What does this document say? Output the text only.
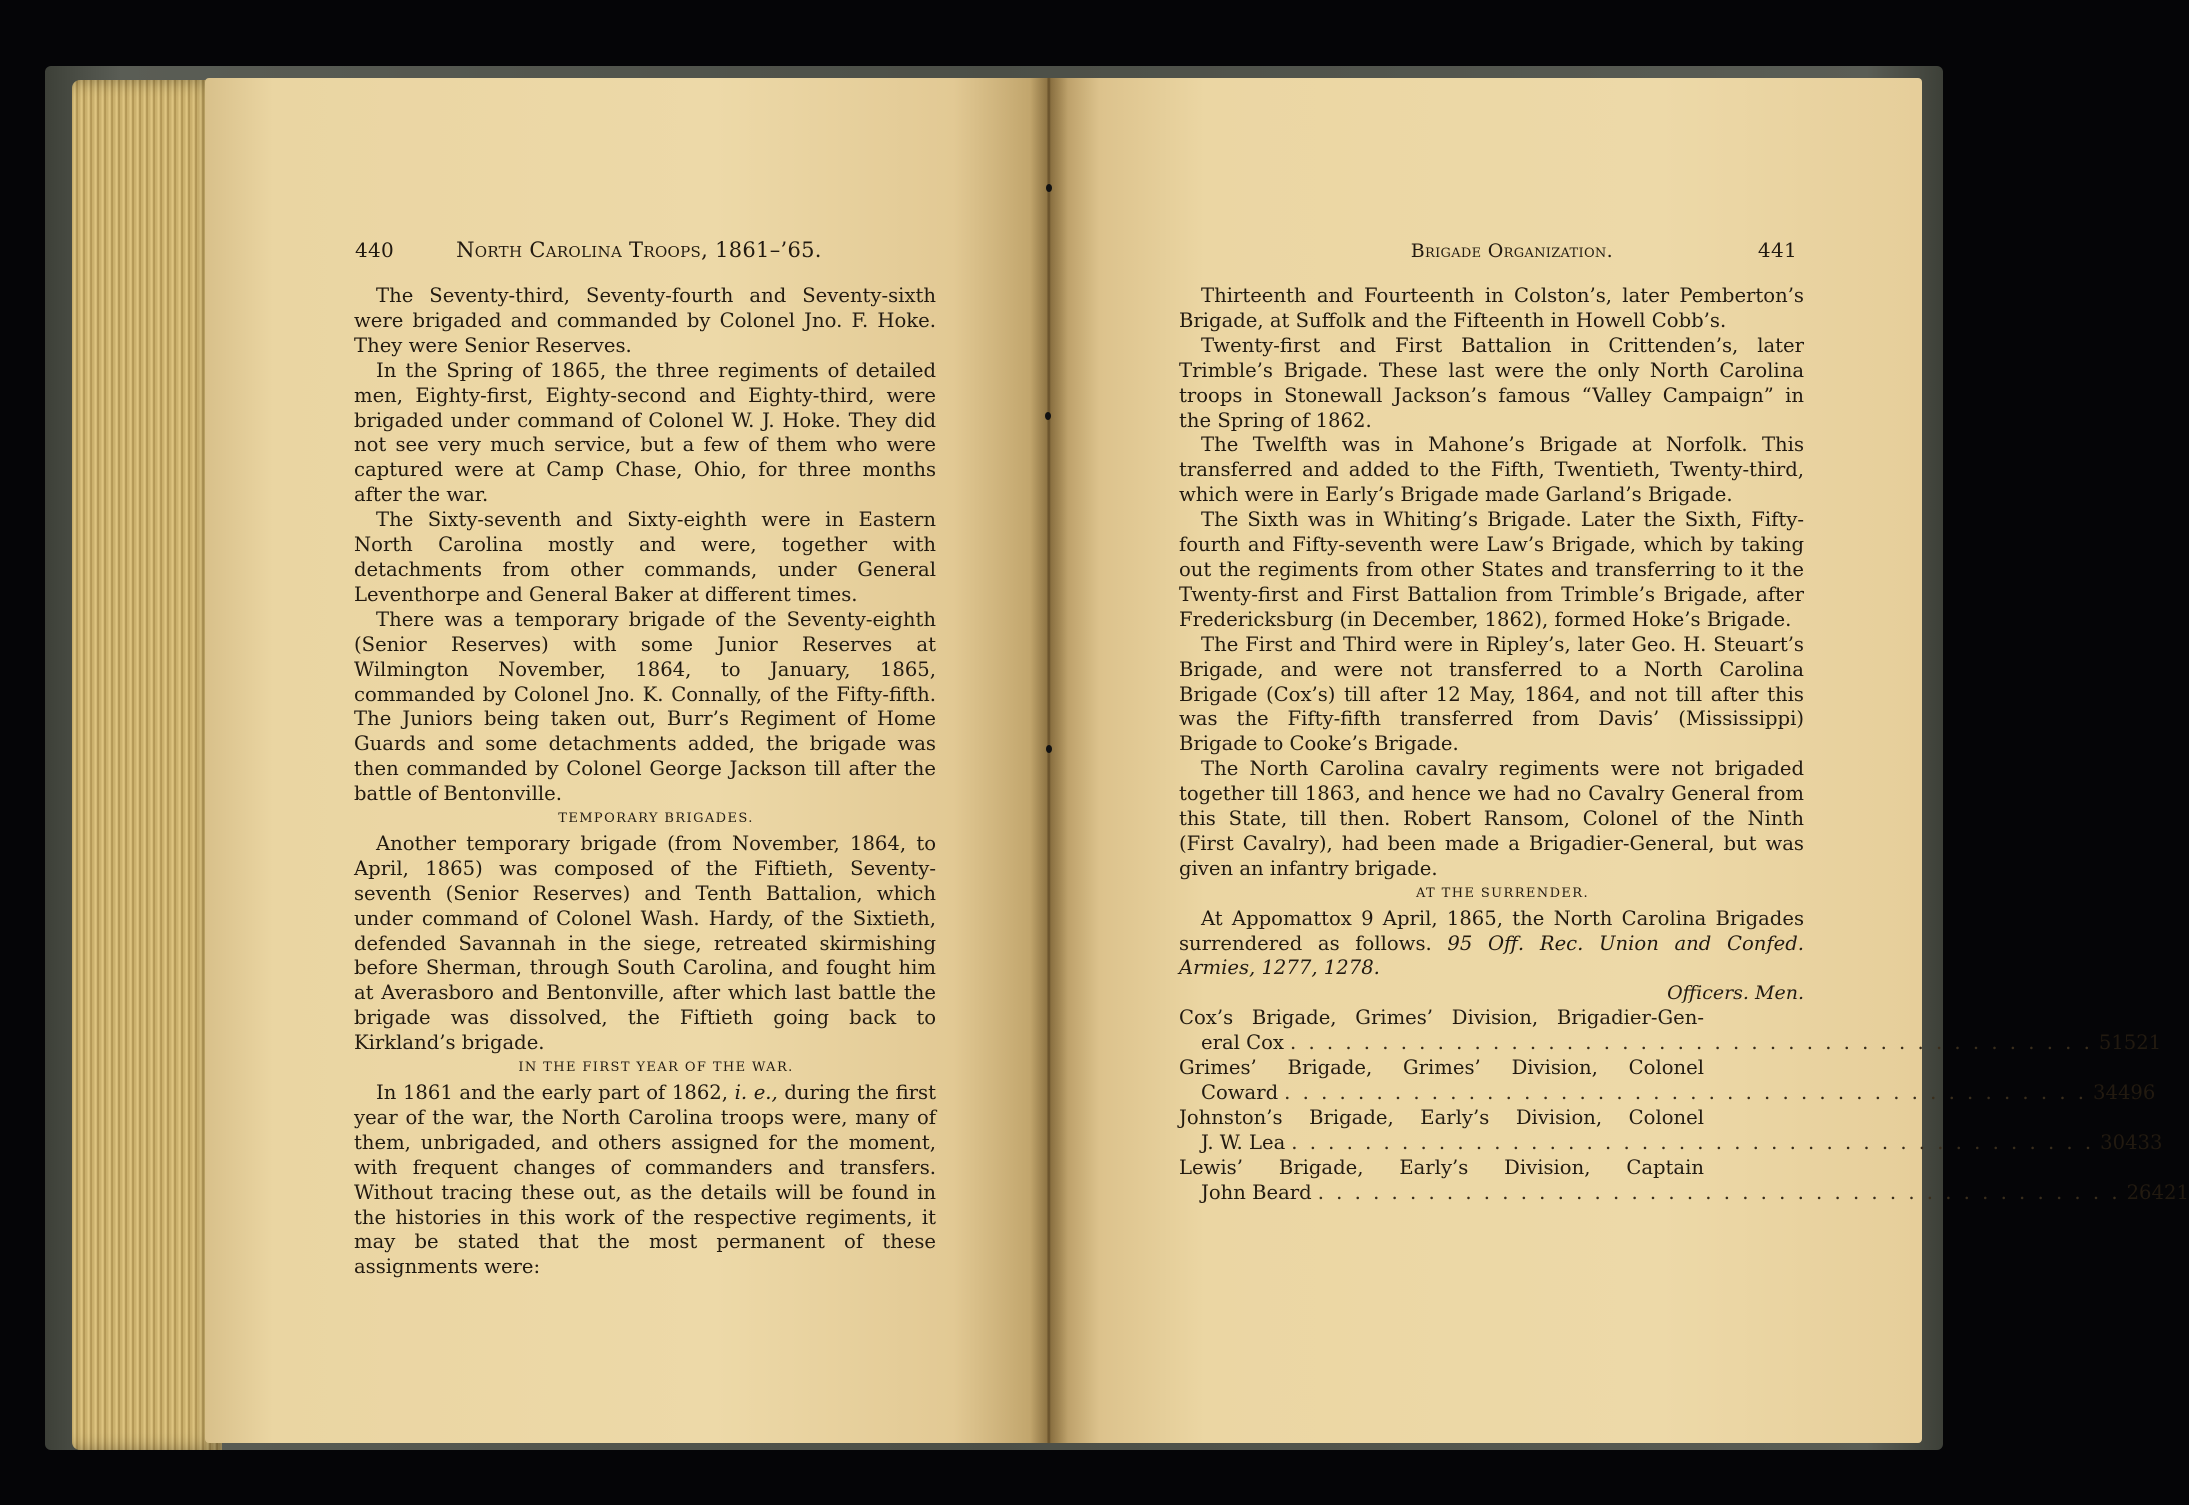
440	North Carolina Troops, 1861–’65.

The Seventy-third, Seventy-fourth and Seventy-sixth were brigaded and commanded by Colonel Jno. F. Hoke. They were Senior Reserves.

In the Spring of 1865, the three regiments of detailed men, Eighty-first, Eighty-second and Eighty-third, were brigaded under command of Colonel W. J. Hoke. They did not see very much service, but a few of them who were captured were at Camp Chase, Ohio, for three months after the war.

The Sixty-seventh and Sixty-eighth were in Eastern North Carolina mostly and were, together with detachments from other commands, under General Leventhorpe and General Baker at different times.

There was a temporary brigade of the Seventy-eighth (Senior Reserves) with some Junior Reserves at Wilmington November, 1864, to January, 1865, commanded by Colonel Jno. K. Connally, of the Fifty-fifth. The Juniors being taken out, Burr’s Regiment of Home Guards and some detachments added, the brigade was then commanded by Colonel George Jackson till after the battle of Bentonville.

TEMPORARY BRIGADES.

Another temporary brigade (from November, 1864, to April, 1865) was composed of the Fiftieth, Seventy-seventh (Senior Reserves) and Tenth Battalion, which under command of Colonel Wash. Hardy, of the Sixtieth, defended Savannah in the siege, retreated skirmishing before Sherman, through South Carolina, and fought him at Averasboro and Bentonville, after which last battle the brigade was dissolved, the Fiftieth going back to Kirkland’s brigade.

IN THE FIRST YEAR OF THE WAR.

In 1861 and the early part of 1862, i. e., during the first year of the war, the North Carolina troops were, many of them, unbrigaded, and others assigned for the moment, with frequent changes of commanders and transfers. Without tracing these out, as the details will be found in the histories in this work of the respective regiments, it may be stated that the most permanent of these assignments were:

Brigade Organization.	441

Thirteenth and Fourteenth in Colston’s, later Pemberton’s Brigade, at Suffolk and the Fifteenth in Howell Cobb’s.

Twenty-first and First Battalion in Crittenden’s, later Trimble’s Brigade. These last were the only North Carolina troops in Stonewall Jackson’s famous “Valley Campaign” in the Spring of 1862.

The Twelfth was in Mahone’s Brigade at Norfolk. This transferred and added to the Fifth, Twentieth, Twenty-third, which were in Early’s Brigade made Garland’s Brigade.

The Sixth was in Whiting’s Brigade. Later the Sixth, Fifty-fourth and Fifty-seventh were Law’s Brigade, which by taking out the regiments from other States and transferring to it the Twenty-first and First Battalion from Trimble’s Brigade, after Fredericksburg (in December, 1862), formed Hoke’s Brigade.

The First and Third were in Ripley’s, later Geo. H. Steuart’s Brigade, and were not transferred to a North Carolina Brigade (Cox’s) till after 12 May, 1864, and not till after this was the Fifty-fifth transferred from Davis’ (Mississippi) Brigade to Cooke’s Brigade.

The North Carolina cavalry regiments were not brigaded together till 1863, and hence we had no Cavalry General from this State, till then. Robert Ransom, Colonel of the Ninth (First Cavalry), had been made a Brigadier-General, but was given an infantry brigade.

AT THE SURRENDER.

At Appomattox 9 April, 1865, the North Carolina Brigades surrendered as follows. 95 Off. Rec. Union and Confed. Armies, 1277, 1278.

Officers. Men.
Cox’s Brigade, Grimes’ Division, Brigadier-Gen-
eral Cox . . . . . . . . . . . . . . . . . . . . . . . . . . . . . . . . . . . . . . . . . . . . 51 521
Grimes’ Brigade, Grimes’ Division, Colonel
Coward . . . . . . . . . . . . . . . . . . . . . . . . . . . . . . . . . . . . . . . . . . . . 34 496
Johnston’s Brigade, Early’s Division, Colonel
J. W. Lea . . . . . . . . . . . . . . . . . . . . . . . . . . . . . . . . . . . . . . . . . . . . 30 433
Lewis’ Brigade, Early’s Division, Captain
John Beard . . . . . . . . . . . . . . . . . . . . . . . . . . . . . . . . . . . . . . . . . . . . 26 421
